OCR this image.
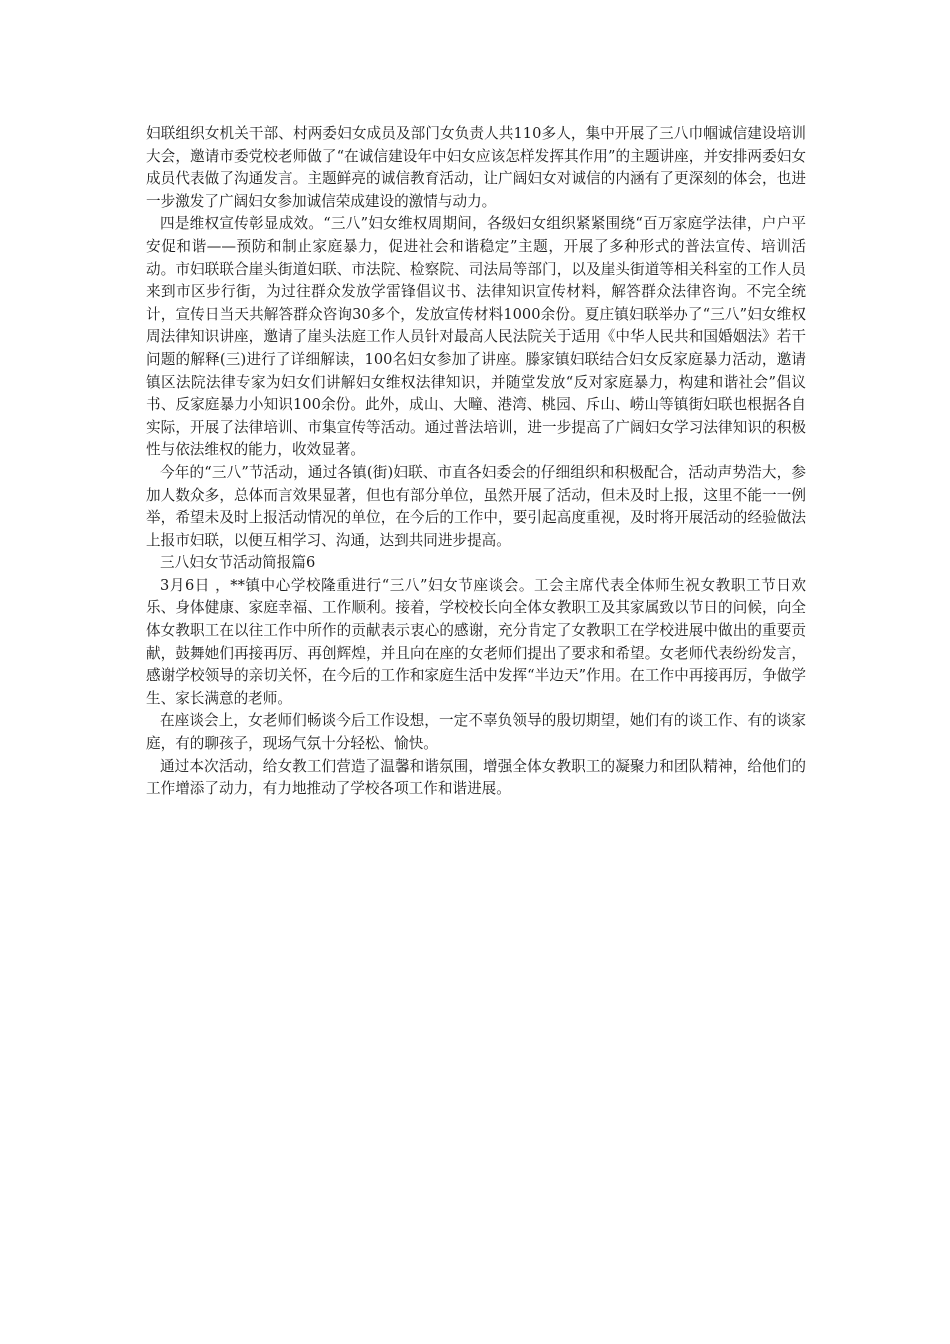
妇联组织女机关干部、村两委妇女成员及部门女负责人共110多人，集中开展了三八巾帼诚信建设培训大会，邀请市委党校老师做了“在诚信建设年中妇女应该怎样发挥其作用”的主题讲座，并安排两委妇女成员代表做了沟通发言。主题鲜亮的诚信教育活动，让广阔妇女对诚信的内涵有了更深刻的体会，也进一步激发了广阔妇女参加诚信荣成建设的激情与动力。

四是维权宣传彰显成效。“三八”妇女维权周期间，各级妇女组织紧紧围绕“百万家庭学法律，户户平安促和谐——预防和制止家庭暴力，促进社会和谐稳定”主题，开展了多种形式的普法宣传、培训活动。市妇联联合崖头街道妇联、市法院、检察院、司法局等部门，以及崖头街道等相关科室的工作人员来到市区步行街，为过往群众发放学雷锋倡议书、法律知识宣传材料，解答群众法律咨询。不完全统计，宣传日当天共解答群众咨询30多个，发放宣传材料1000余份。夏庄镇妇联举办了“三八”妇女维权周法律知识讲座，邀请了崖头法庭工作人员针对最高人民法院关于适用《中华人民共和国婚姻法》若干问题的解释(三)进行了详细解读，100名妇女参加了讲座。滕家镇妇联结合妇女反家庭暴力活动，邀请镇区法院法律专家为妇女们讲解妇女维权法律知识，并随堂发放“反对家庭暴力，构建和谐社会”倡议书、反家庭暴力小知识100余份。此外，成山、大疃、港湾、桃园、斥山、崂山等镇街妇联也根据各自实际，开展了法律培训、市集宣传等活动。通过普法培训，进一步提高了广阔妇女学习法律知识的积极性与依法维权的能力，收效显著。

今年的“三八”节活动，通过各镇(街)妇联、市直各妇委会的仔细组织和积极配合，活动声势浩大，参加人数众多，总体而言效果显著，但也有部分单位，虽然开展了活动，但未及时上报，这里不能一一例举，希望未及时上报活动情况的单位，在今后的工作中，要引起高度重视，及时将开展活动的经验做法上报市妇联，以便互相学习、沟通，达到共同进步提高。

三八妇女节活动简报篇6

3月6日 ，**镇中心学校隆重进行“三八”妇女节座谈会。工会主席代表全体师生祝女教职工节日欢乐、身体健康、家庭幸福、工作顺利。接着，学校校长向全体女教职工及其家属致以节日的问候，向全体女教职工在以往工作中所作的贡献表示衷心的感谢，充分肯定了女教职工在学校进展中做出的重要贡献，鼓舞她们再接再厉、再创辉煌，并且向在座的女老师们提出了要求和希望。女老师代表纷纷发言，感谢学校领导的亲切关怀，在今后的工作和家庭生活中发挥“半边天”作用。在工作中再接再厉，争做学生、家长满意的老师。

在座谈会上，女老师们畅谈今后工作设想，一定不辜负领导的殷切期望，她们有的谈工作、有的谈家庭，有的聊孩子，现场气氛十分轻松、愉快。

通过本次活动，给女教工们营造了温馨和谐氛围，增强全体女教职工的凝聚力和团队精神，给他们的工作增添了动力，有力地推动了学校各项工作和谐进展。
